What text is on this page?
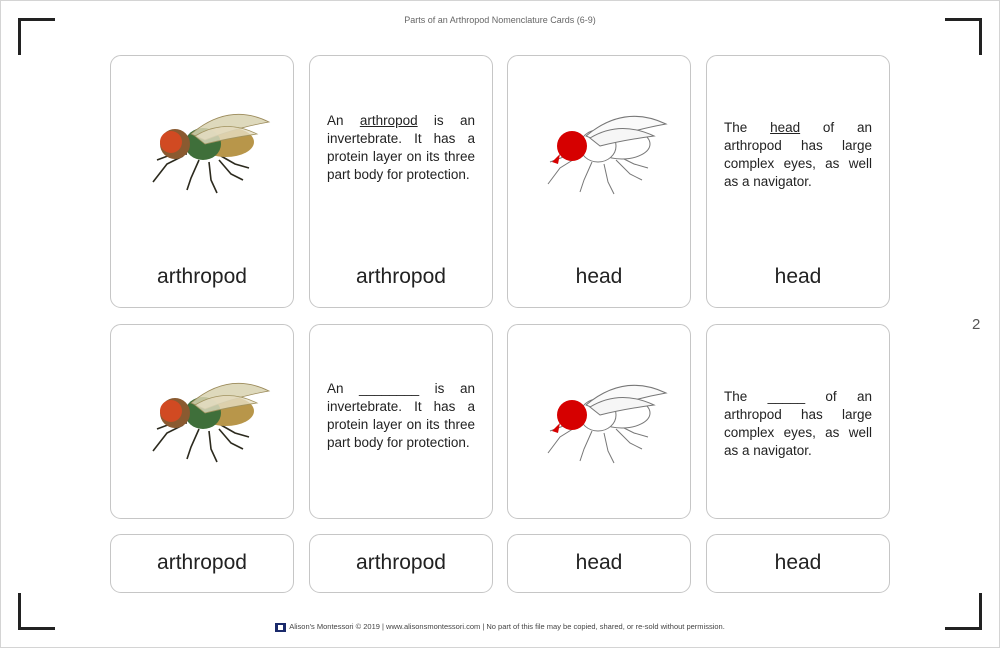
Parts of an Arthropod Nomenclature Cards (6-9)
2
arthropod
An arthropod is an invertebrate. It has a protein layer on its three part body for protection.
arthropod	head
The head of an arthropod has large complex eyes, as well as a navigator.
head
An ________ is an invertebrate. It has a protein layer on its three part body for protection.
The _____ of an arthropod has large complex eyes, as well as a navigator.
arthropod	arthropod	head	head
Alison's Montessori © 2019 | www.alisonsmontessori.com | No part of this file may be copied, shared, or re-sold without permission.
